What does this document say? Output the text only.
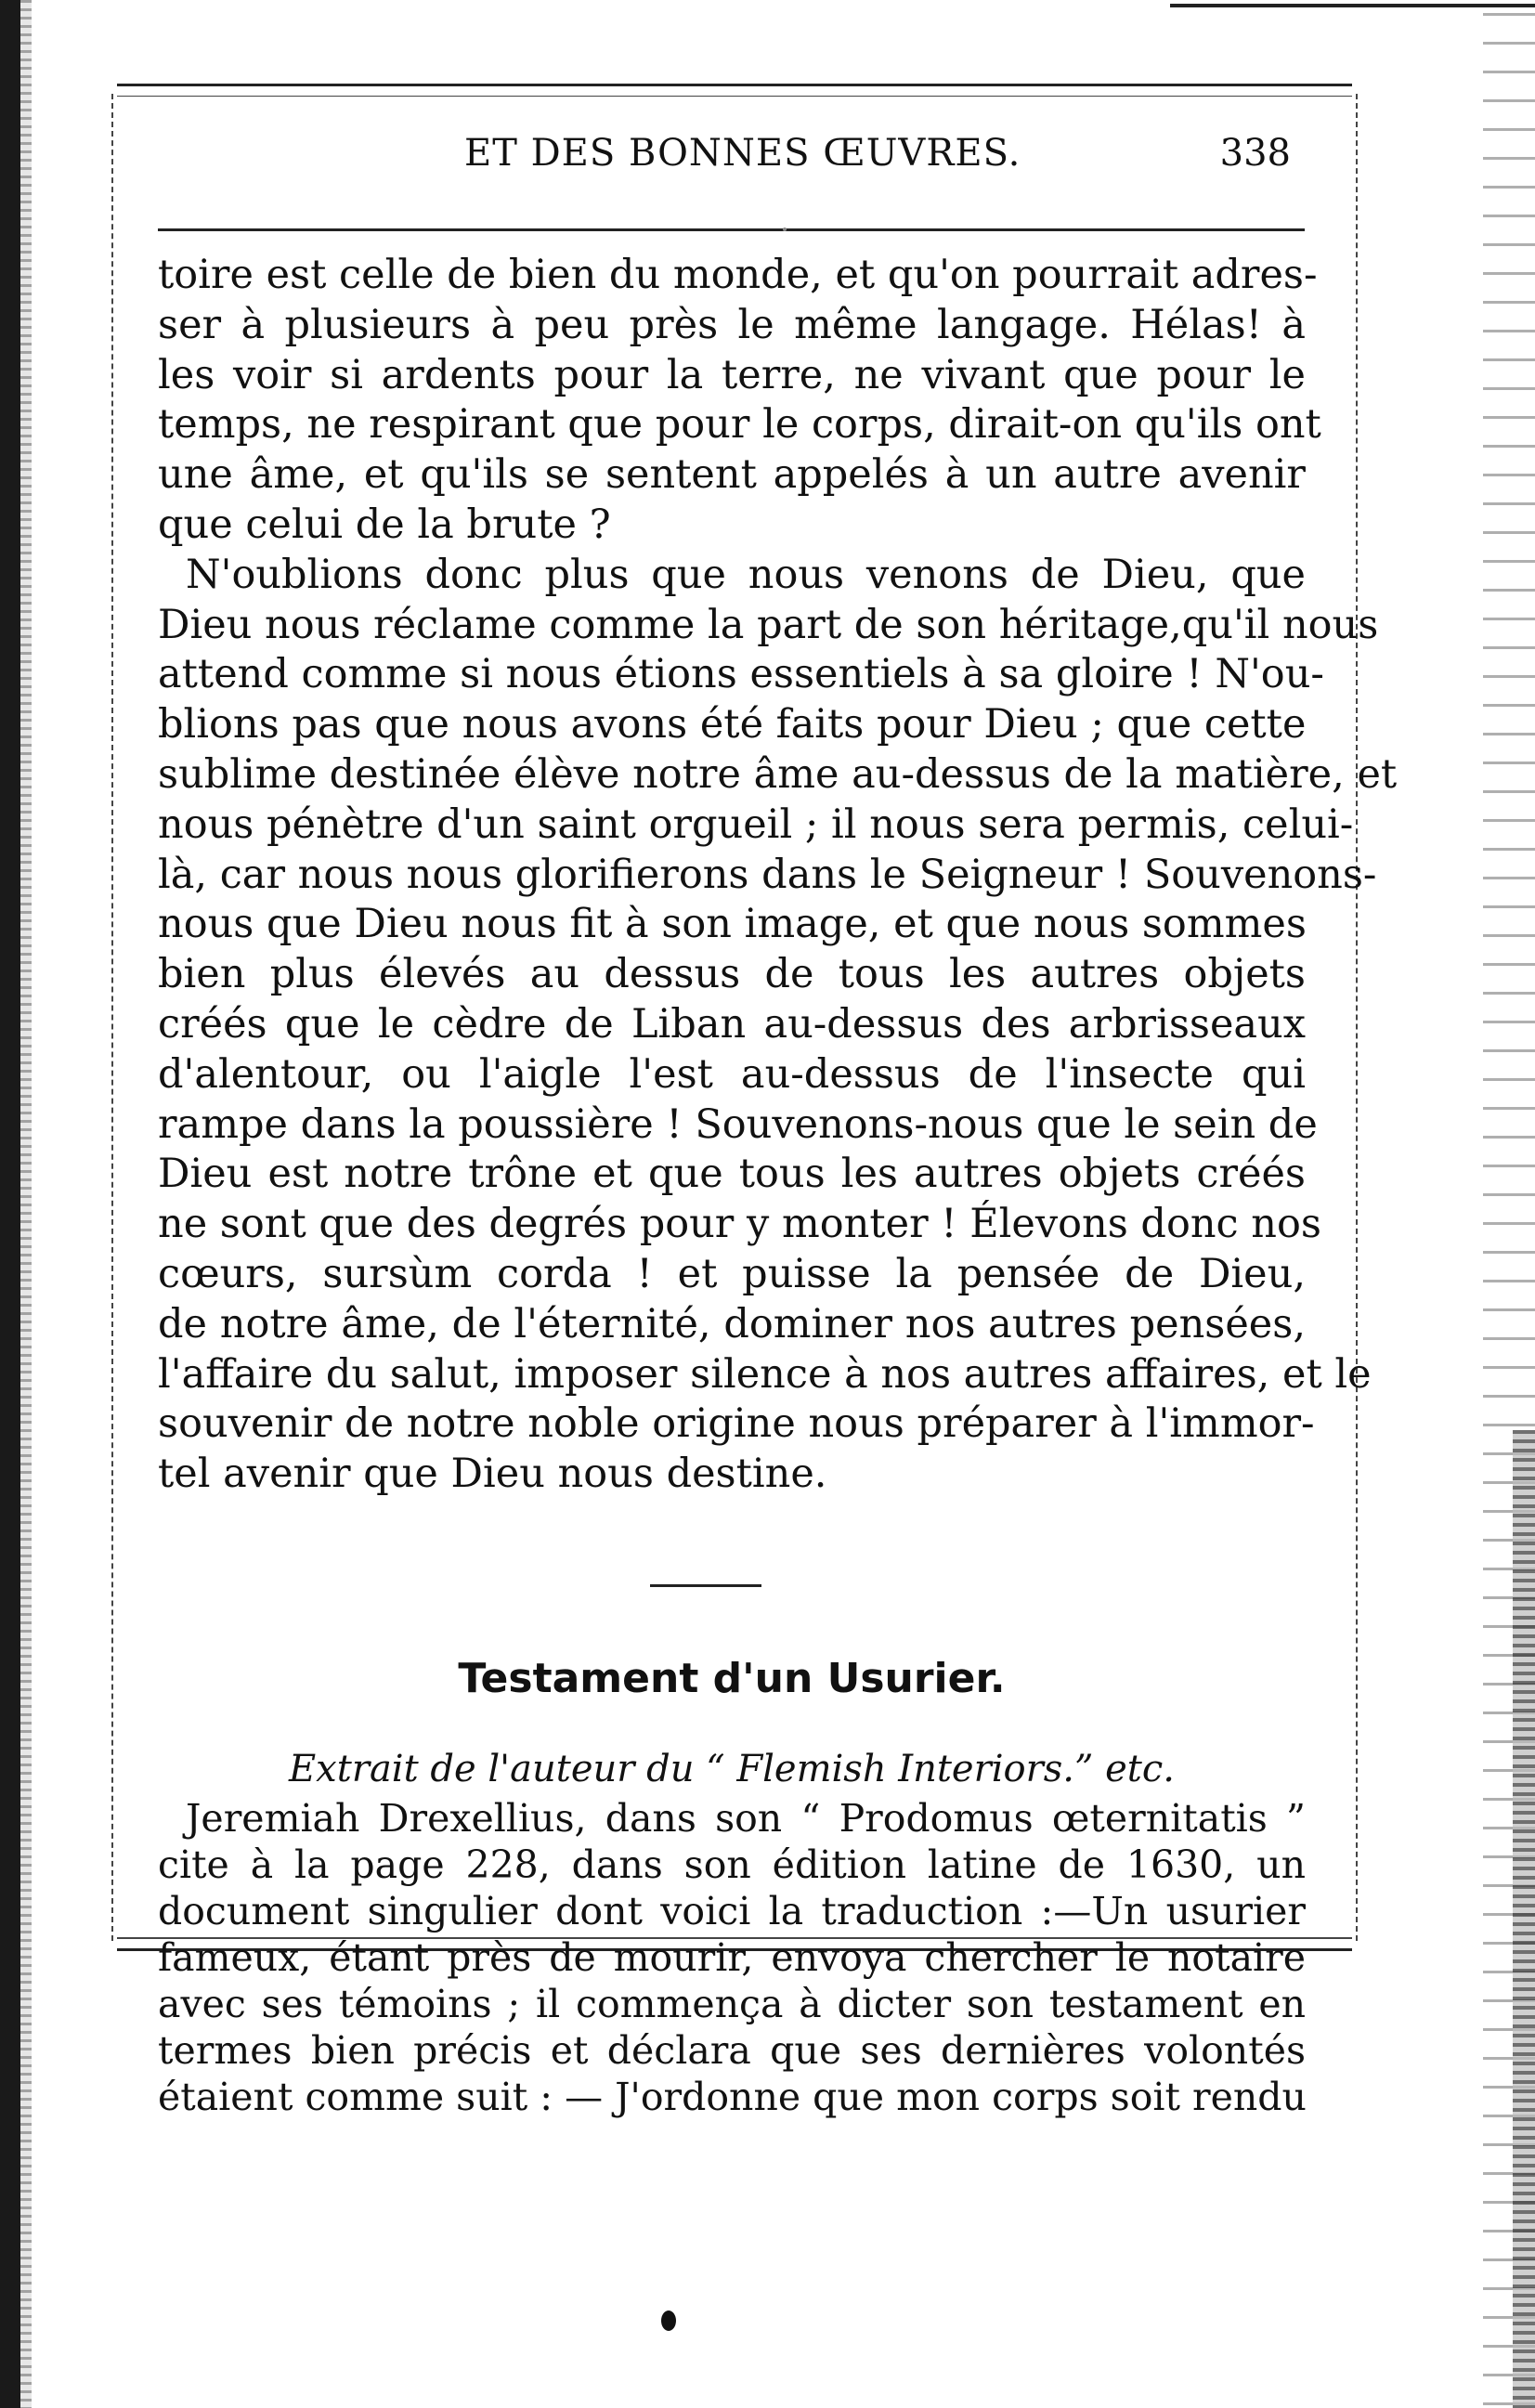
ET DES BONNES ŒUVRES.	338
toire est celle de bien du monde, et qu'on pourrait adres-
ser à plusieurs à peu près le même langage. Hélas! à
les voir si ardents pour la terre, ne vivant que pour le
temps, ne respirant que pour le corps, dirait-on qu'ils ont
une âme, et qu'ils se sentent appelés à un autre avenir
que celui de la brute ?
N'oublions donc plus que nous venons de Dieu, que
Dieu nous réclame comme la part de son héritage,qu'il nous
attend comme si nous étions essentiels à sa gloire ! N'ou-
blions pas que nous avons été faits pour Dieu ; que cette
sublime destinée élève notre âme au-dessus de la matière, et
nous pénètre d'un saint orgueil ; il nous sera permis, celui-
là, car nous nous glorifierons dans le Seigneur ! Souvenons-
nous que Dieu nous fit à son image, et que nous sommes
bien plus élevés au dessus de tous les autres objets
créés que le cèdre de Liban au-dessus des arbrisseaux
d'alentour, ou l'aigle l'est au-dessus de l'insecte qui
rampe dans la poussière ! Souvenons-nous que le sein de
Dieu est notre trône et que tous les autres objets créés
ne sont que des degrés pour y monter ! Élevons donc nos
cœurs, sursùm corda ! et puisse la pensée de Dieu,
de notre âme, de l'éternité, dominer nos autres pensées,
l'affaire du salut, imposer silence à nos autres affaires, et le
souvenir de notre noble origine nous préparer à l'immor-
tel avenir que Dieu nous destine.
Testament d'un Usurier.
Extrait de l'auteur du “ Flemish Interiors.” etc.
Jeremiah Drexellius, dans son “ Prodomus œternitatis ”
cite à la page 228, dans son édition latine de 1630, un
document singulier dont voici la traduction :—Un usurier
fameux, étant près de mourir, envoya chercher le notaire
avec ses témoins ; il commença à dicter son testament en
termes bien précis et déclara que ses dernières volontés
étaient comme suit : — J'ordonne que mon corps soit rendu
